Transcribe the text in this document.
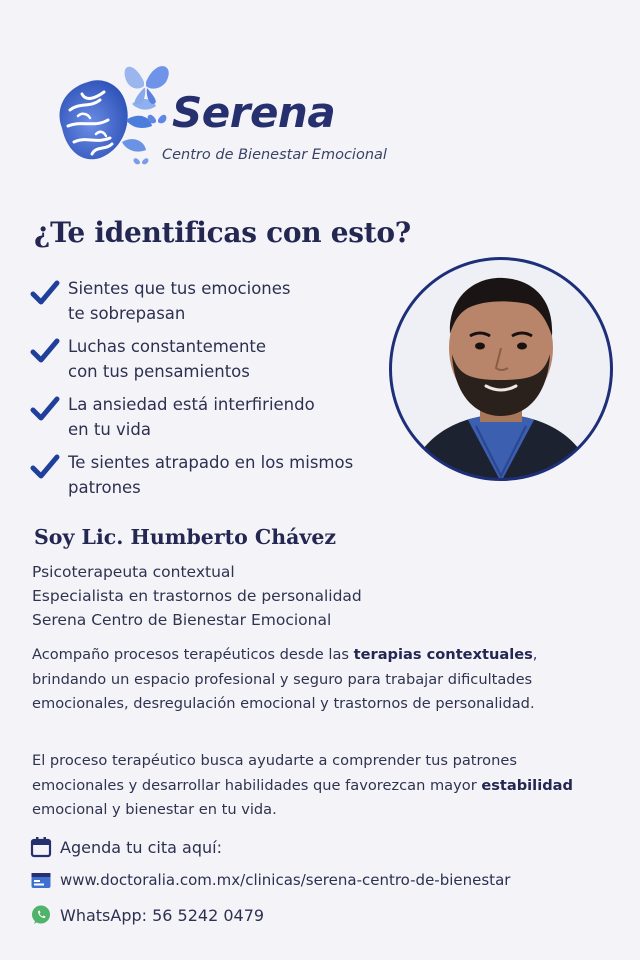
Serena
Centro de Bienestar Emocional
¿Te identificas con esto?
Sientes que tus emociones
te sobrepasan
Luchas constantemente
con tus pensamientos
La ansiedad está interfiriendo
en tu vida
Te sientes atrapado en los mismos
patrones
Soy Lic. Humberto Chávez
Psicoterapeuta contextual
Especialista en trastornos de personalidad
Serena Centro de Bienestar Emocional
Acompaño procesos terapéuticos desde las terapias contextuales, brindando un espacio profesional y seguro para trabajar dificultades emocionales, desregulación emocional y trastornos de personalidad.
El proceso terapéutico busca ayudarte a comprender tus patrones emocionales y desarrollar habilidades que favorezcan mayor estabilidad emocional y bienestar en tu vida.
Agenda tu cita aquí:
www.doctoralia.com.mx/clinicas/serena-centro-de-bienestar
WhatsApp: 56 5242 0479
